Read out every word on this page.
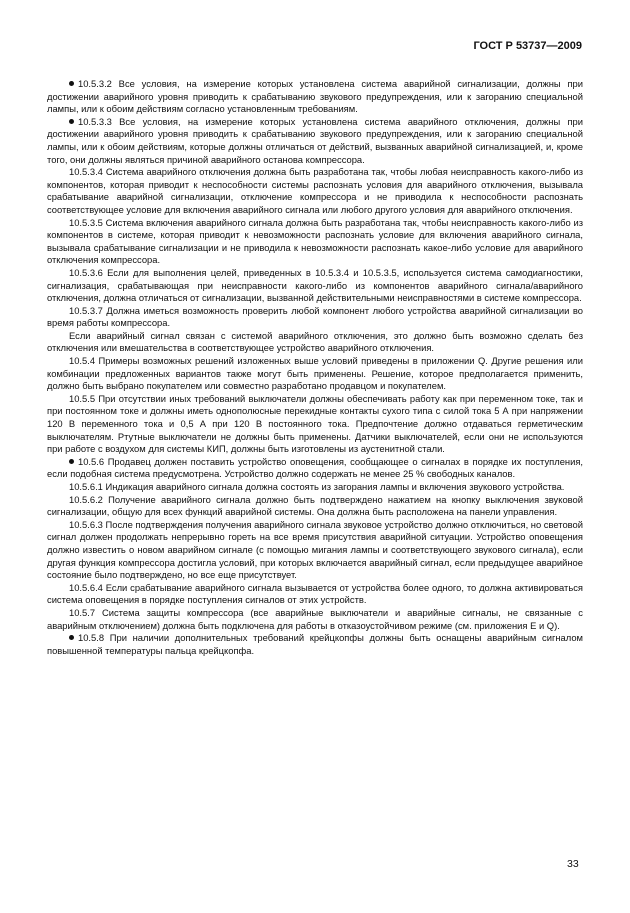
ГОСТ Р 53737—2009

10.5.3.2 Все условия, на измерение которых установлена система аварийной сигнализации, должны при достижении аварийного уровня приводить к срабатыванию звукового предупреждения, или к загоранию специальной лампы, или к обоим действиям согласно установленным требованиям.

10.5.3.3 Все условия, на измерение которых установлена система аварийного отключения, должны при достижении аварийного уровня приводить к срабатыванию звукового предупреждения, или к загоранию специальной лампы, или к обоим действиям, которые должны отличаться от действий, вызванных аварийной сигнализацией, и, кроме того, они должны являться причиной аварийного останова компрессора.

10.5.3.4 Система аварийного отключения должна быть разработана так, чтобы любая неисправность какого-либо из компонентов, которая приводит к неспособности системы распознать условия для аварийного отключения, вызывала срабатывание аварийной сигнализации, отключение компрессора и не приводила к неспособности распознать соответствующее условие для включения аварийного сигнала или любого другого условия для аварийного отключения.

10.5.3.5 Система включения аварийного сигнала должна быть разработана так, чтобы неисправность какого-либо из компонентов в системе, которая приводит к невозможности распознать условие для включения аварийного сигнала, вызывала срабатывание сигнализации и не приводила к невозможности распознать какое-либо условие для аварийного отключения компрессора.

10.5.3.6 Если для выполнения целей, приведенных в 10.5.3.4 и 10.5.3.5, используется система самодиагностики, сигнализация, срабатывающая при неисправности какого-либо из компонентов аварийного сигнала/аварийного отключения, должна отличаться от сигнализации, вызванной действительными неисправностями в системе компрессора.

10.5.3.7 Должна иметься возможность проверить любой компонент любого устройства аварийной сигнализации во время работы компрессора.

Если аварийный сигнал связан с системой аварийного отключения, это должно быть возможно сделать без отключения или вмешательства в соответствующее устройство аварийного отключения.

10.5.4 Примеры возможных решений изложенных выше условий приведены в приложении Q. Другие решения или комбинации предложенных вариантов также могут быть применены. Решение, которое предполагается применить, должно быть выбрано покупателем или совместно разработано продавцом и покупателем.

10.5.5 При отсутствии иных требований выключатели должны обеспечивать работу как при переменном токе, так и при постоянном токе и должны иметь однополюсные перекидные контакты сухого типа с силой тока 5 А при напряжении 120 В переменного тока и 0,5 А при 120 В постоянного тока. Предпочтение должно отдаваться герметическим выключателям. Ртутные выключатели не должны быть применены. Датчики выключателей, если они не используются при работе с воздухом для системы КИП, должны быть изготовлены из аустенитной стали.

10.5.6 Продавец должен поставить устройство оповещения, сообщающее о сигналах в порядке их поступления, если подобная система предусмотрена. Устройство должно содержать не менее 25 % свободных каналов.

10.5.6.1 Индикация аварийного сигнала должна состоять из загорания лампы и включения звукового устройства.

10.5.6.2 Получение аварийного сигнала должно быть подтверждено нажатием на кнопку выключения звуковой сигнализации, общую для всех функций аварийной системы. Она должна быть расположена на панели управления.

10.5.6.3 После подтверждения получения аварийного сигнала звуковое устройство должно отключиться, но световой сигнал должен продолжать непрерывно гореть на все время присутствия аварийной ситуации. Устройство оповещения должно известить о новом аварийном сигнале (с помощью мигания лампы и соответствующего звукового сигнала), если другая функция компрессора достигла условий, при которых включается аварийный сигнал, если предыдущее аварийное состояние было подтверждено, но все еще присутствует.

10.5.6.4 Если срабатывание аварийного сигнала вызывается от устройства более одного, то должна активироваться система оповещения в порядке поступления сигналов от этих устройств.

10.5.7 Система защиты компрессора (все аварийные выключатели и аварийные сигналы, не связанные с аварийным отключением) должна быть подключена для работы в отказоустойчивом режиме (см. приложения Е и Q).

10.5.8 При наличии дополнительных требований крейцкопфы должны быть оснащены аварийным сигналом повышенной температуры пальца крейцкопфа.

33
